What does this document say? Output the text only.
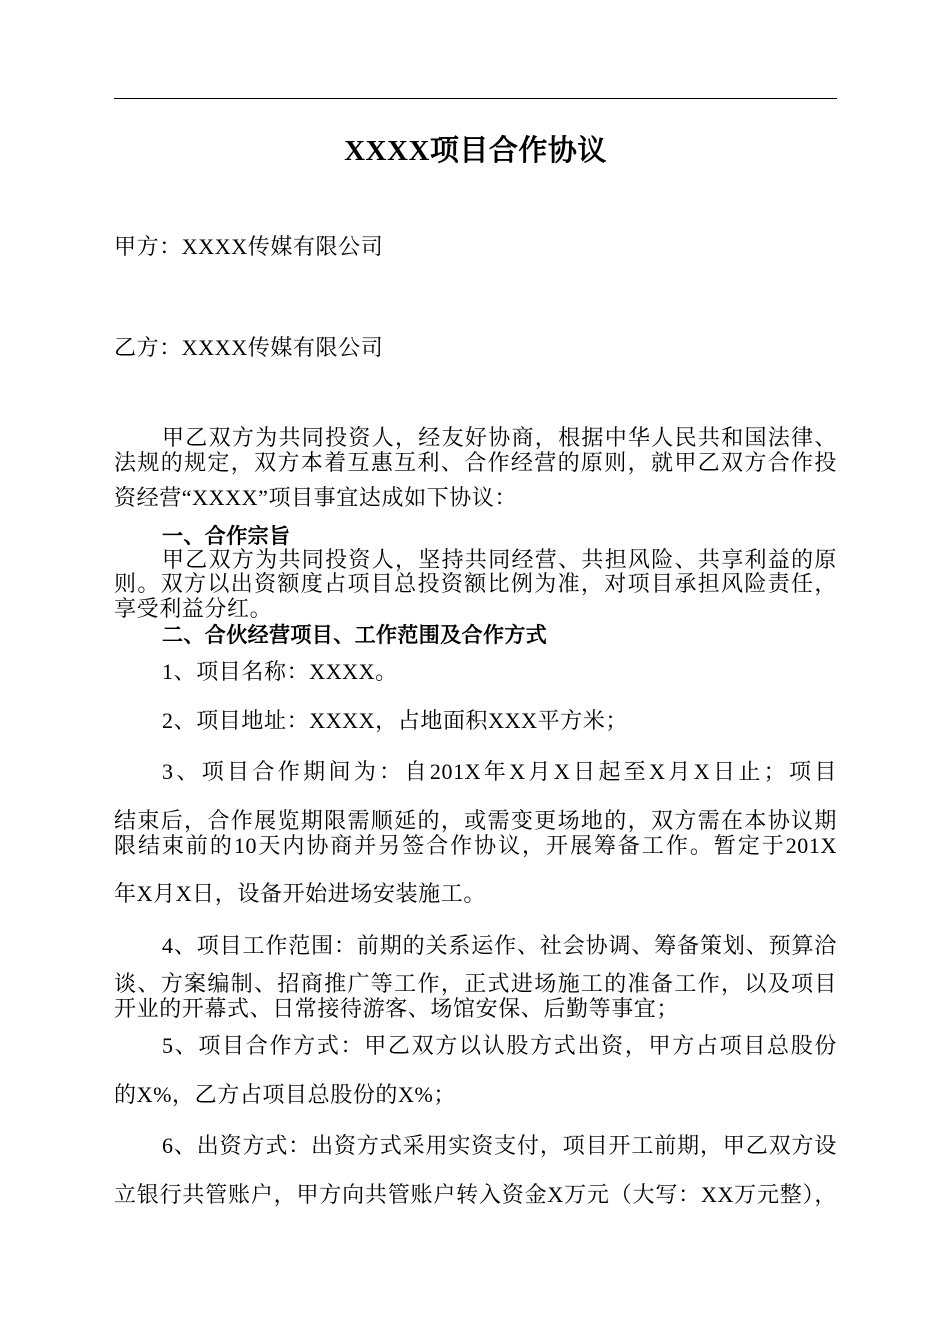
XXXX项目合作协议
甲方：XXXX传媒有限公司
乙方：XXXX传媒有限公司
甲乙双方为共同投资人，经友好协商，根据中华人民共和国法律、
法规的规定，双方本着互惠互利、合作经营的原则，就甲乙双方合作投
资经营“XXXX”项目事宜达成如下协议：
一、合作宗旨
甲乙双方为共同投资人，坚持共同经营、共担风险、共享利益的原
则。双方以出资额度占项目总投资额比例为准，对项目承担风险责任，
享受利益分红。
二、合伙经营项目、工作范围及合作方式
1、项目名称：XXXX。
2、项目地址：XXXX，占地面积XXX平方米；
3、项目合作期间为：自201X年X月X日起至X月X日止；项目
结束后，合作展览期限需顺延的，或需变更场地的，双方需在本协议期
限结束前的10天内协商并另签合作协议，开展筹备工作。暂定于201X
年X月X日，设备开始进场安装施工。
4、项目工作范围：前期的关系运作、社会协调、筹备策划、预算洽
谈、方案编制、招商推广等工作，正式进场施工的准备工作，以及项目
开业的开幕式、日常接待游客、场馆安保、后勤等事宜；
5、项目合作方式：甲乙双方以认股方式出资，甲方占项目总股份
的X%，乙方占项目总股份的X%；
6、出资方式：出资方式采用实资支付，项目开工前期，甲乙双方设
立银行共管账户，甲方向共管账户转入资金X万元（大写：XX万元整），
